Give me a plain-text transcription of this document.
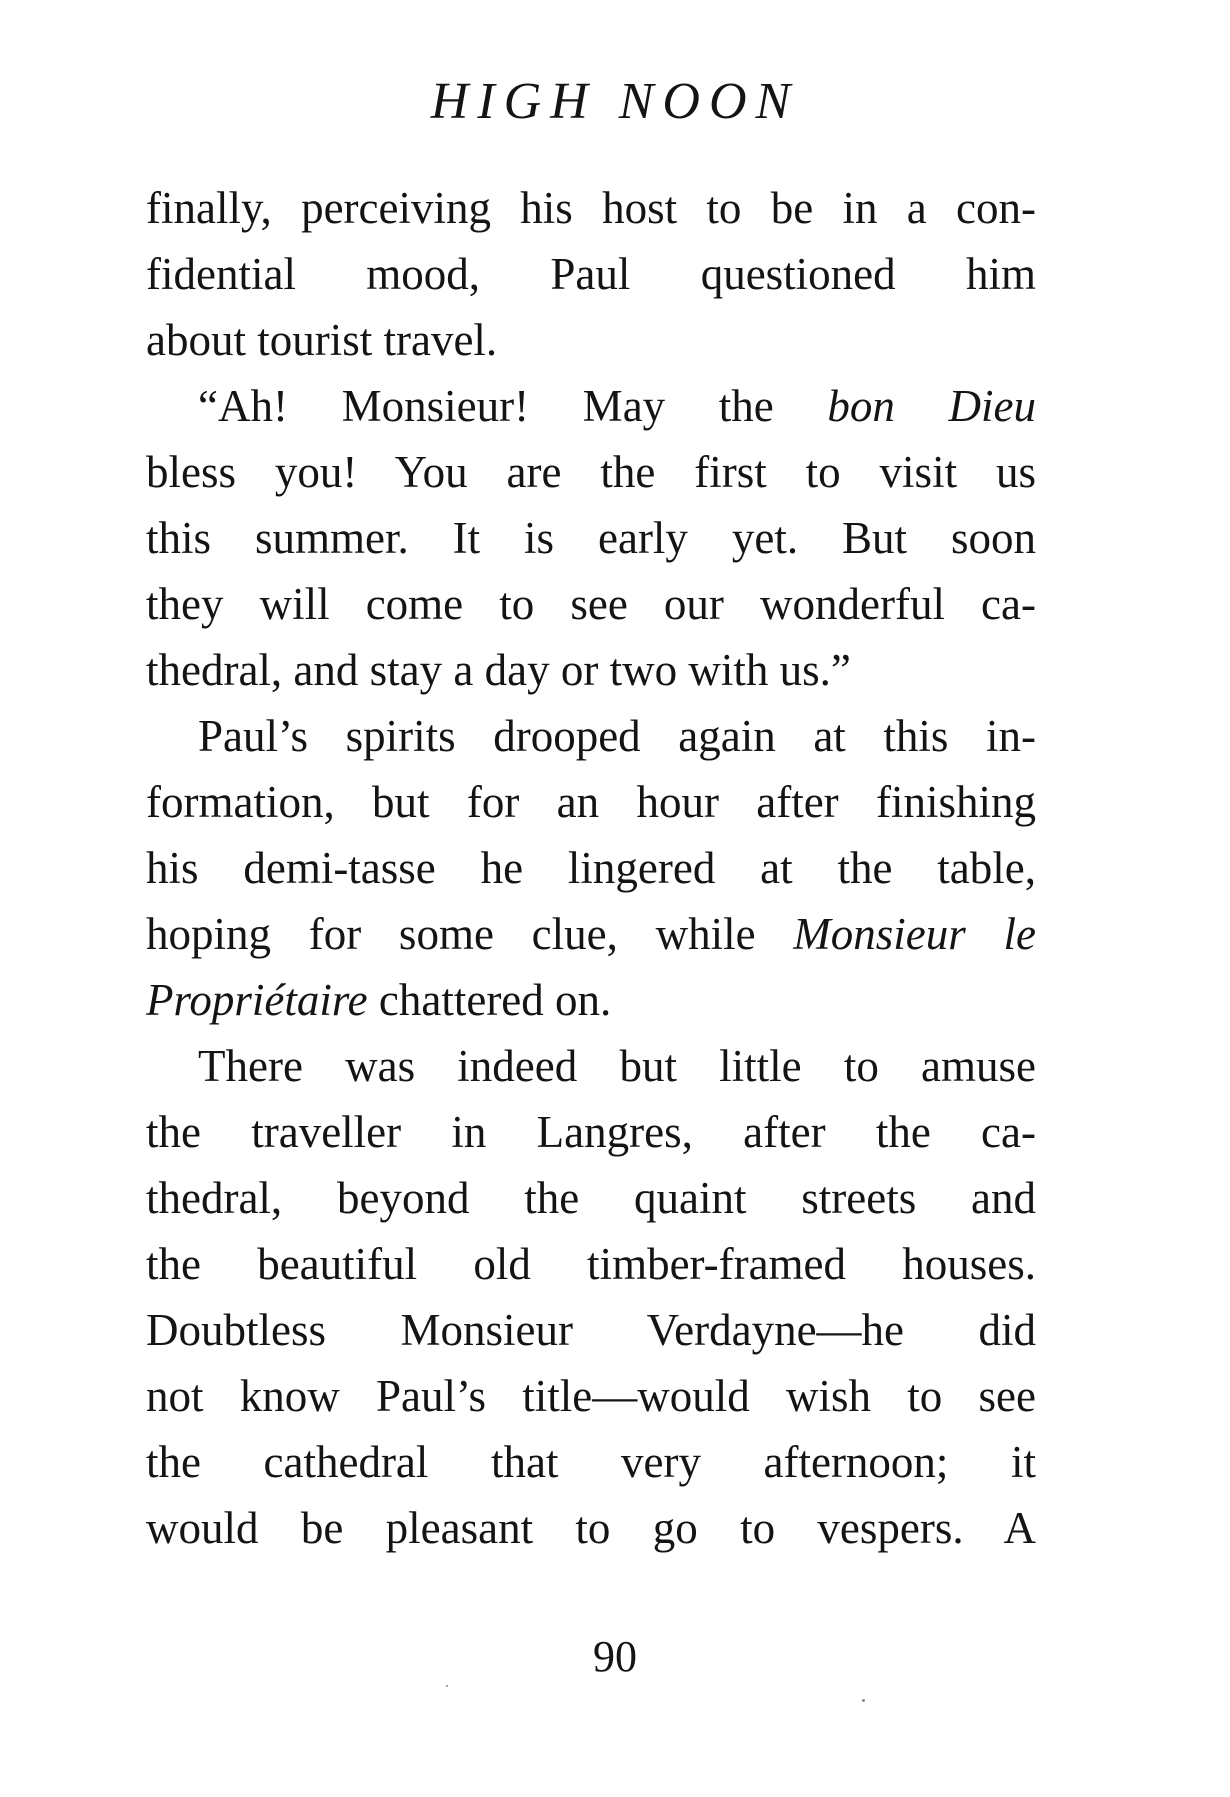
HIGH NOON
finally, perceiving his host to be in a con-
fidential mood, Paul questioned him
about tourist travel.
“Ah! Monsieur! May the bon Dieu
bless you! You are the first to visit us
this summer. It is early yet. But soon
they will come to see our wonderful ca-
thedral, and stay a day or two with us.”
Paul’s spirits drooped again at this in-
formation, but for an hour after finishing
his demi-tasse he lingered at the table,
hoping for some clue, while Monsieur le
Propriétaire chattered on.
There was indeed but little to amuse
the traveller in Langres, after the ca-
thedral, beyond the quaint streets and
the beautiful old timber-framed houses.
Doubtless Monsieur Verdayne—he did
not know Paul’s title—would wish to see
the cathedral that very afternoon; it
would be pleasant to go to vespers. A
90
